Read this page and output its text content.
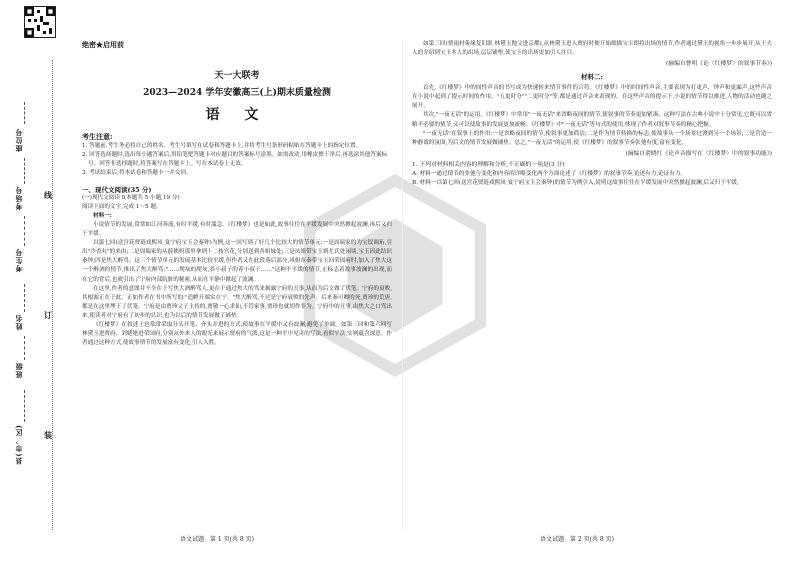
座位号
考场号
考生号
姓名
班级
县(市、区)
线
订
装
绝密★启用前
天一大联考
2023—2024 学年安徽高三(上)期末质量检测
语 文
考生注意:
1. 答题前,考生务必将自己的姓名、考生号填写在试卷和答题卡上,并将考生号条形码粘贴在答题卡上的指定位置。
2. 回答选择题时,选出每小题答案后,用铅笔把答题卡对应题目的答案标号涂黑。如需改动,用橡皮擦干净后,再选涂其他答案标号。回答非选择题时,将答案写在答题卡上。写在本试卷上无效。
3. 考试结束后,将本试卷和答题卡一并交回。
一、现代文阅读(35 分)
(一)现代文阅读 Ⅰ(本题共 5 小题,19 分)
阅读下面的文字,完成 1～5 题。
材料一:

小说情节的发展,常常如江河奔流,有时平缓,有时湍急。《红楼梦》也是如此,故事往往在平缓发展中突然掀起波澜,再后又归于平缓。

以第七回(送宫花贾琏戏熙凤 宴宁府宝玉会秦钟)为例,这一回写到了好几个比较大的情节单元:一是周瑞家的为宝钗调珩,引出"冷香丸"的来由;二是周瑞家的从薛姨妈那里拿到十二枝宫花,分别送到各姐妹处;三是凤姐带宝玉到尤氏处闲谈,宝玉因此结识秦钟;四是焦大醉骂。这三个情节单元的发展基本比较平缓,但作者又在此段落后部分,风姐在秦带宝玉回荣国府时,加入了焦大这一个醉酒的情节,推出了焦大醉骂:"……爬灰的爬灰,养小叔子的养小叔子……"这种不平缓的情节,正标志着故事波澜的出现,而在它的背后,也就引出了宁府内部肮脏的秘密,从而在平静中掀起了波澜。

在这里,作者的意图并不全在于写焦大酒醉骂人,更在于通过焦大的骂来揭露宁府的丑事,从而为后文做了伏笔。宁府的衰败,其根源正在于此。正如作者在书中所写的:"造衅开端实在宁。"焦大醉骂,不过是宁府衰败的先声。后来秦可卿的死,贾珍的荒唐,都是在这里埋下了伏笔。宁府是由贾珍父子主持的,贾敬一心求仙,不管家事,贾珍也就胡作非为。宁府中的丑事,由焦大之口骂出来,使读者对宁府有了初步的认识,也为以后的情节发展做了铺垫。

《红楼梦》在叙述上也常常采取分头开笔、齐头并进的方式,使故事在平缓中又有波澜,避免了单调。如第三回和第六回写林黛玉进贾府、刘姥姥进荣国府,分别从外来人的眼光来展示贾府的气派,这是一种平中见奇的写法,看似平淡,实则蕴含深意。作者通过这种方式,使故事情节的发展富有变化,引人入胜。

如第三回(贾雨村夤缘复旧职 林黛玉抛父进京都),从林黛玉进入贾府时便开始细描宝玉即将出场的情节,作者通过黛玉的视角一步步展开,从王夫人的介绍到宝玉本人的出场,层层铺垫,使宝玉的出场更加引人注目。

(摘编自曹明《论〈红楼梦〉的叙事节奏》)
材料二:

首先,《红楼梦》中的间性声音的书写成为快速转来情节事件的合符。《红楼梦》中的时间性声音,主要表现为打更声、钟声和更漏声,这些声音在小说中起到了提示时间的作用。"五更时分""二更时分"等,都是通过声音来表现的。在这些声音的提示下,小说的情节得以推进,人物的活动也随之展开。

其次,"一夜无话"的运用。《红楼梦》中常用"一夜无话"来省略夜间的情节,使叙事的节奏更加紧凑。这种写法在古典小说中十分常见,它既可以省略不必要的情节,又可以使故事的发展更加流畅。《红楼梦》中"一夜无话"等句式的使用,体现了作者对叙事节奏的精心把握。

"一夜无话"在叙事上的作用:一是省略夜间的情节,使叙事更加简洁;二是作为情节转换的标志,使故事从一个场景过渡到另一个场景;三是营造一种静谧的氛围,为后文的情节发展做铺垫。总之,"一夜无话"的运用,使《红楼梦》的叙事节奏张弛有度,富有变化。

(摘编自俞晓红《论声音描写在〈红楼梦〉中的叙事功能》)

1. 下列对材料相关内容的理解和分析,不正确的一项是(3 分)

A. 材料一通过情节的张弛与变化和内容的详略变化两个方面论述了《红楼梦》的叙事节奏,论述有力,论证有力。

B. 材料一以第七回(送宫花贾琏戏熙凤 宴宁府宝玉会秦钟)的情节为例引入,说明这故事往往在平缓发展中突然掀起波澜,后又归于平缓。

语文试题　第 1 页(共 8 页)	语文试题　第 2 页(共 8 页)
